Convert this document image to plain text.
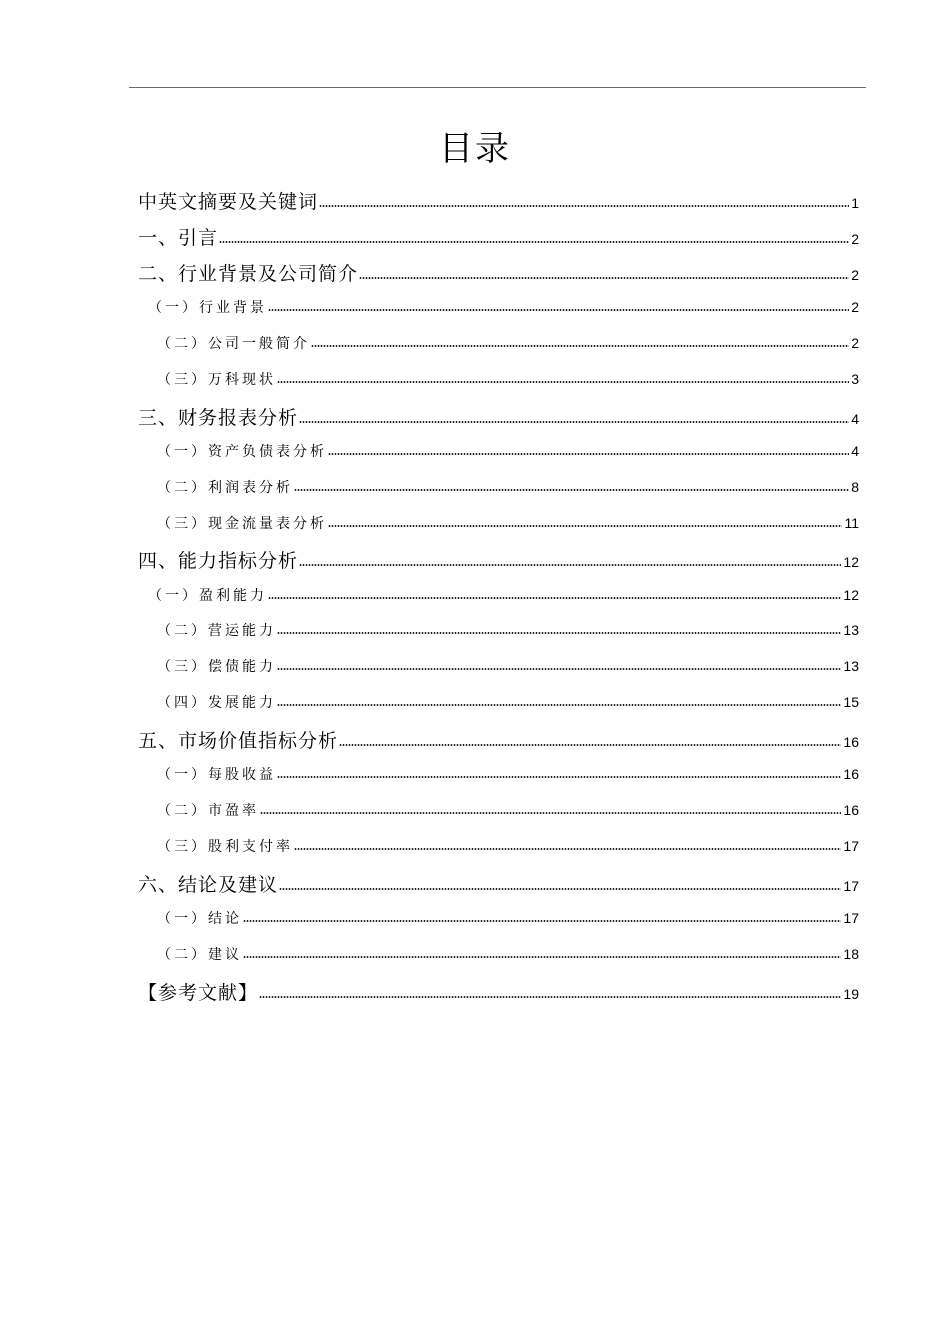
目录
中英文摘要及关键词	1
一、引言	2
二、行业背景及公司简介	2
（一）行业背景	2
（二）公司一般简介	2
（三）万科现状	3
三、财务报表分析	4
（一）资产负债表分析	4
（二）利润表分析	8
（三）现金流量表分析	11
四、能力指标分析	12
（一）盈利能力	12
（二）营运能力	13
（三）偿债能力	13
（四）发展能力	15
五、市场价值指标分析	16
（一）每股收益	16
（二）市盈率	16
（三）股利支付率	17
六、结论及建议	17
（一）结论	17
（二）建议	18
【参考文献】	19
